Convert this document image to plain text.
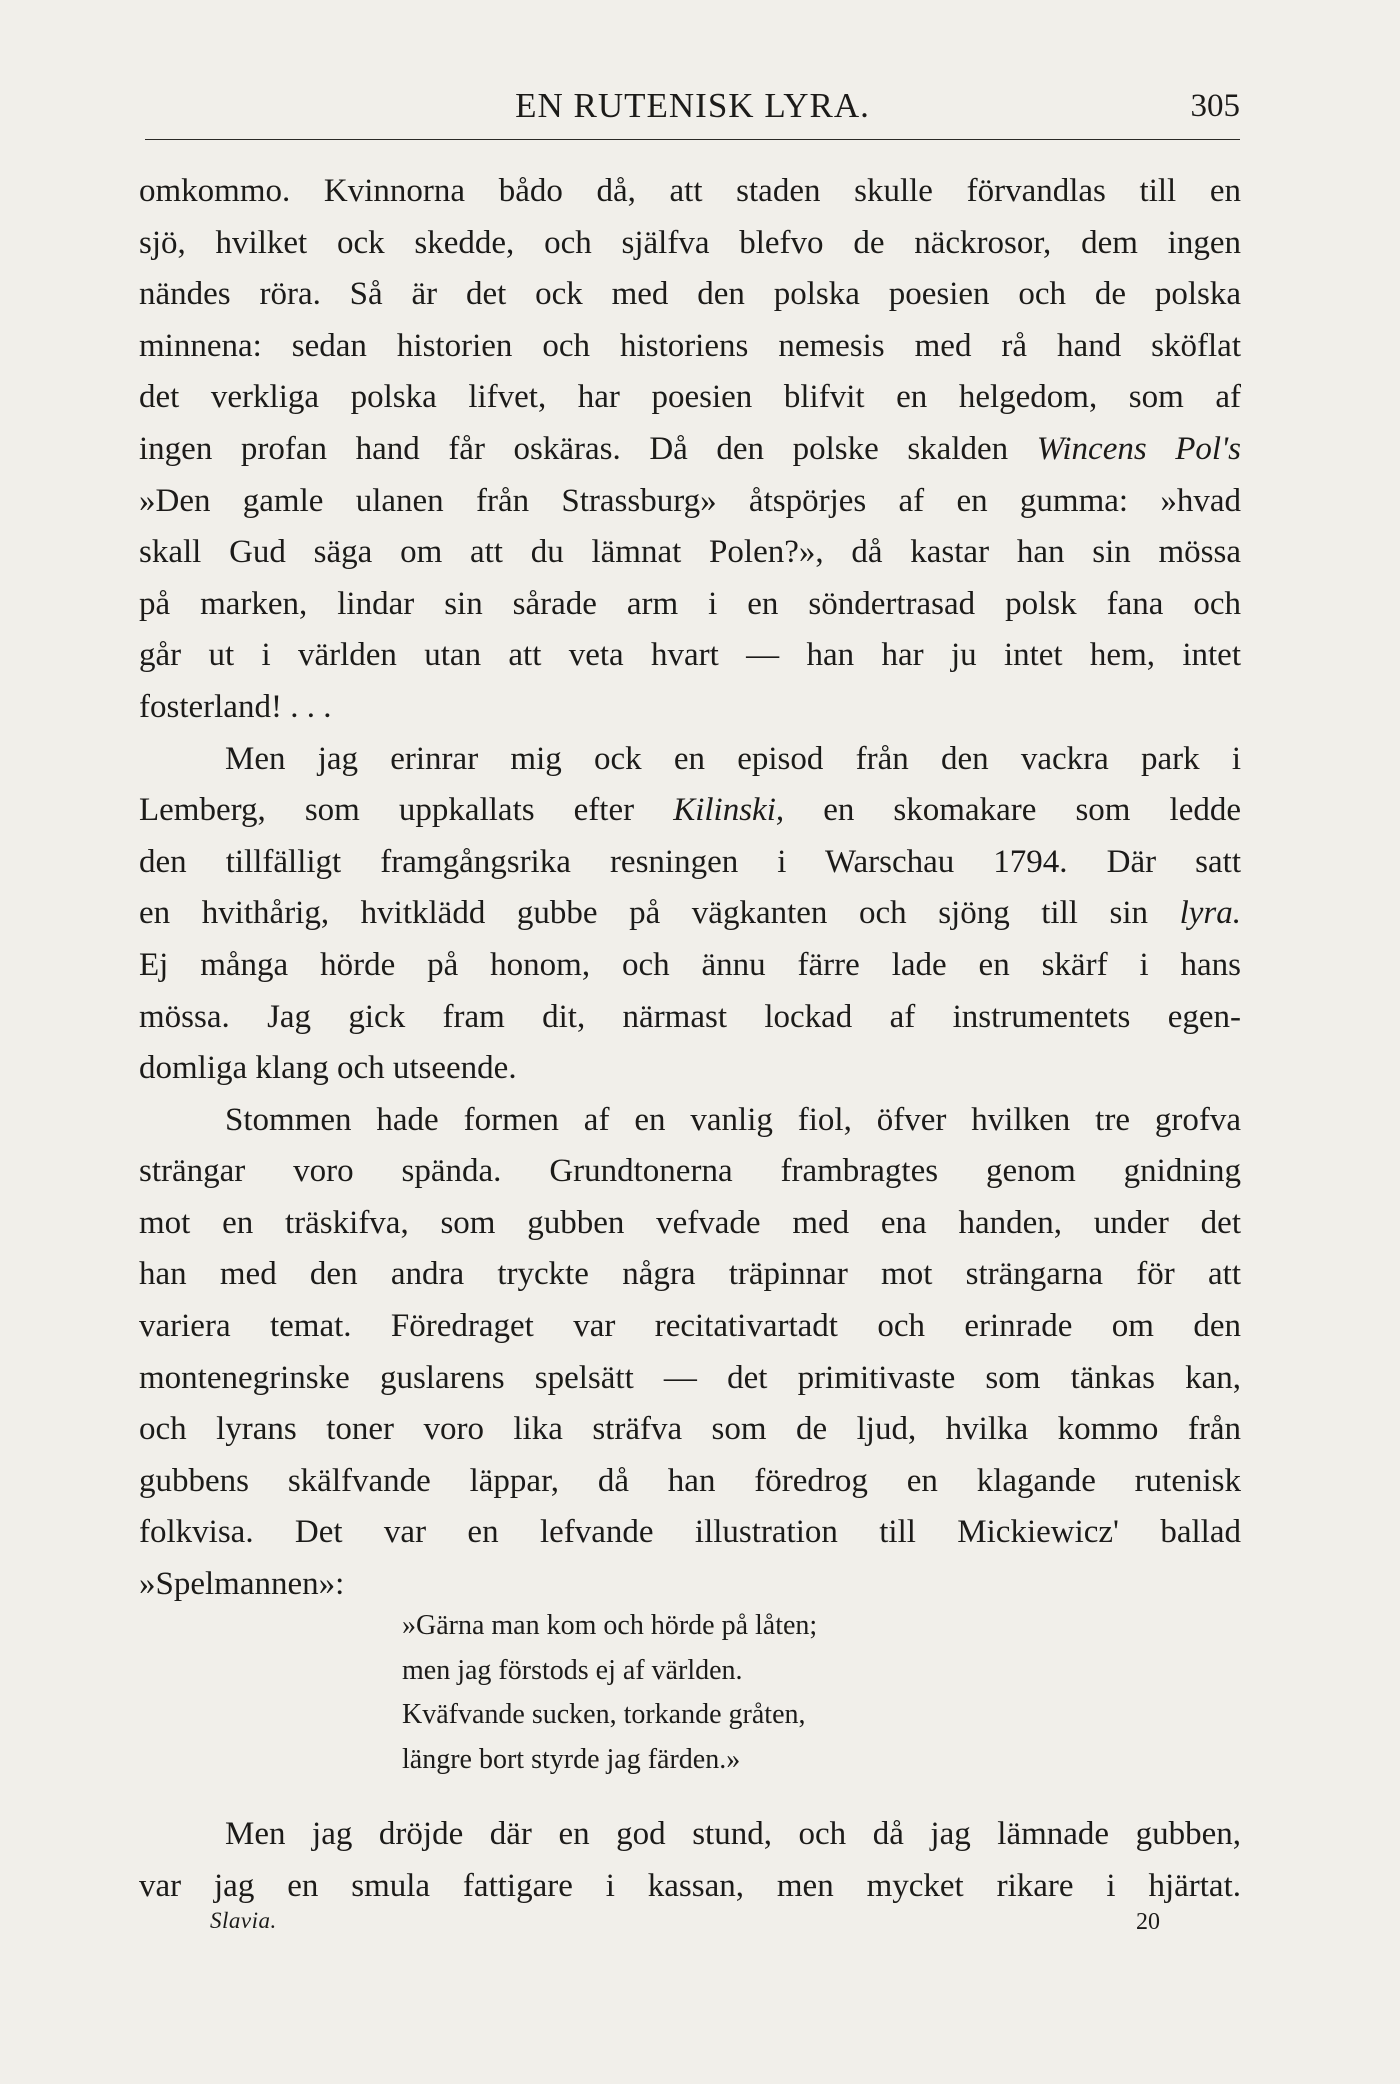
EN RUTENISK LYRA.	305
omkommo. Kvinnorna bådo då, att staden skulle förvandlas till en
sjö, hvilket ock skedde, och själfva blefvo de näckrosor, dem ingen
nändes röra. Så är det ock med den polska poesien och de polska
minnena: sedan historien och historiens nemesis med rå hand sköflat
det verkliga polska lifvet, har poesien blifvit en helgedom, som af
ingen profan hand får oskäras. Då den polske skalden Wincens Pol's
»Den gamle ulanen från Strassburg» åtspörjes af en gumma: »hvad
skall Gud säga om att du lämnat Polen?», då kastar han sin mössa
på marken, lindar sin sårade arm i en söndertrasad polsk fana och
går ut i världen utan att veta hvart — han har ju intet hem, intet
fosterland! . . .
Men jag erinrar mig ock en episod från den vackra park i
Lemberg, som uppkallats efter Kilinski, en skomakare som ledde
den tillfälligt framgångsrika resningen i Warschau 1794. Där satt
en hvithårig, hvitklädd gubbe på vägkanten och sjöng till sin lyra.
Ej många hörde på honom, och ännu färre lade en skärf i hans
mössa. Jag gick fram dit, närmast lockad af instrumentets egen-
domliga klang och utseende.
Stommen hade formen af en vanlig fiol, öfver hvilken tre grofva
strängar voro spända. Grundtonerna frambragtes genom gnidning
mot en träskifva, som gubben vefvade med ena handen, under det
han med den andra tryckte några träpinnar mot strängarna för att
variera temat. Föredraget var recitativartadt och erinrade om den
montenegrinske guslarens spelsätt — det primitivaste som tänkas kan,
och lyrans toner voro lika sträfva som de ljud, hvilka kommo från
gubbens skälfvande läppar, då han föredrog en klagande rutenisk
folkvisa. Det var en lefvande illustration till Mickiewicz' ballad
»Spelmannen»:
»Gärna man kom och hörde på låten;
men jag förstods ej af världen.
Kväfvande sucken, torkande gråten,
längre bort styrde jag färden.»
Men jag dröjde där en god stund, och då jag lämnade gubben,
var jag en smula fattigare i kassan, men mycket rikare i hjärtat.
Slavia.	20
